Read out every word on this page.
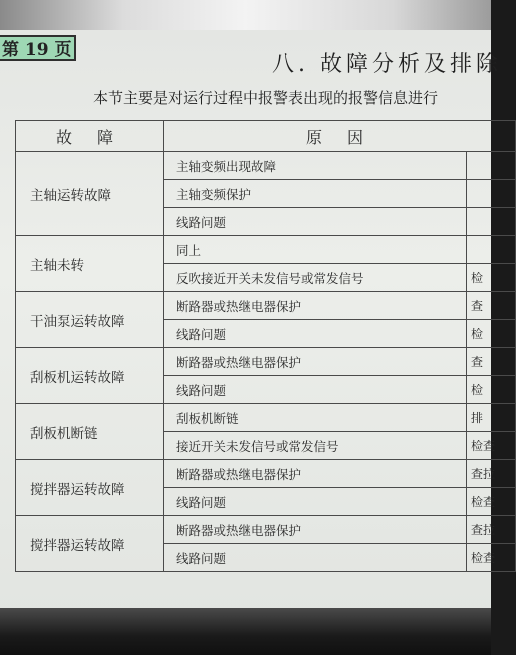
第 19 页
八. 故障分析及排除
本节主要是对运行过程中报警表出现的报警信息进行
故 障	原 因	
主轴运转故障	主轴变频出现故障	
	主轴变频保护	
	线路问题	
主轴未转	同上	
	反吹接近开关未发信号或常发信号	检
干油泵运转故障	断路器或热继电器保护	查
	线路问题	检
刮板机运转故障	断路器或热继电器保护	查
	线路问题	检
刮板机断链	刮板机断链	排
	接近开关未发信号或常发信号	检查
搅拌器运转故障	断路器或热继电器保护	查拉
	线路问题	检查
搅拌器运转故障	断路器或热继电器保护	查拉
	线路问题	检查
